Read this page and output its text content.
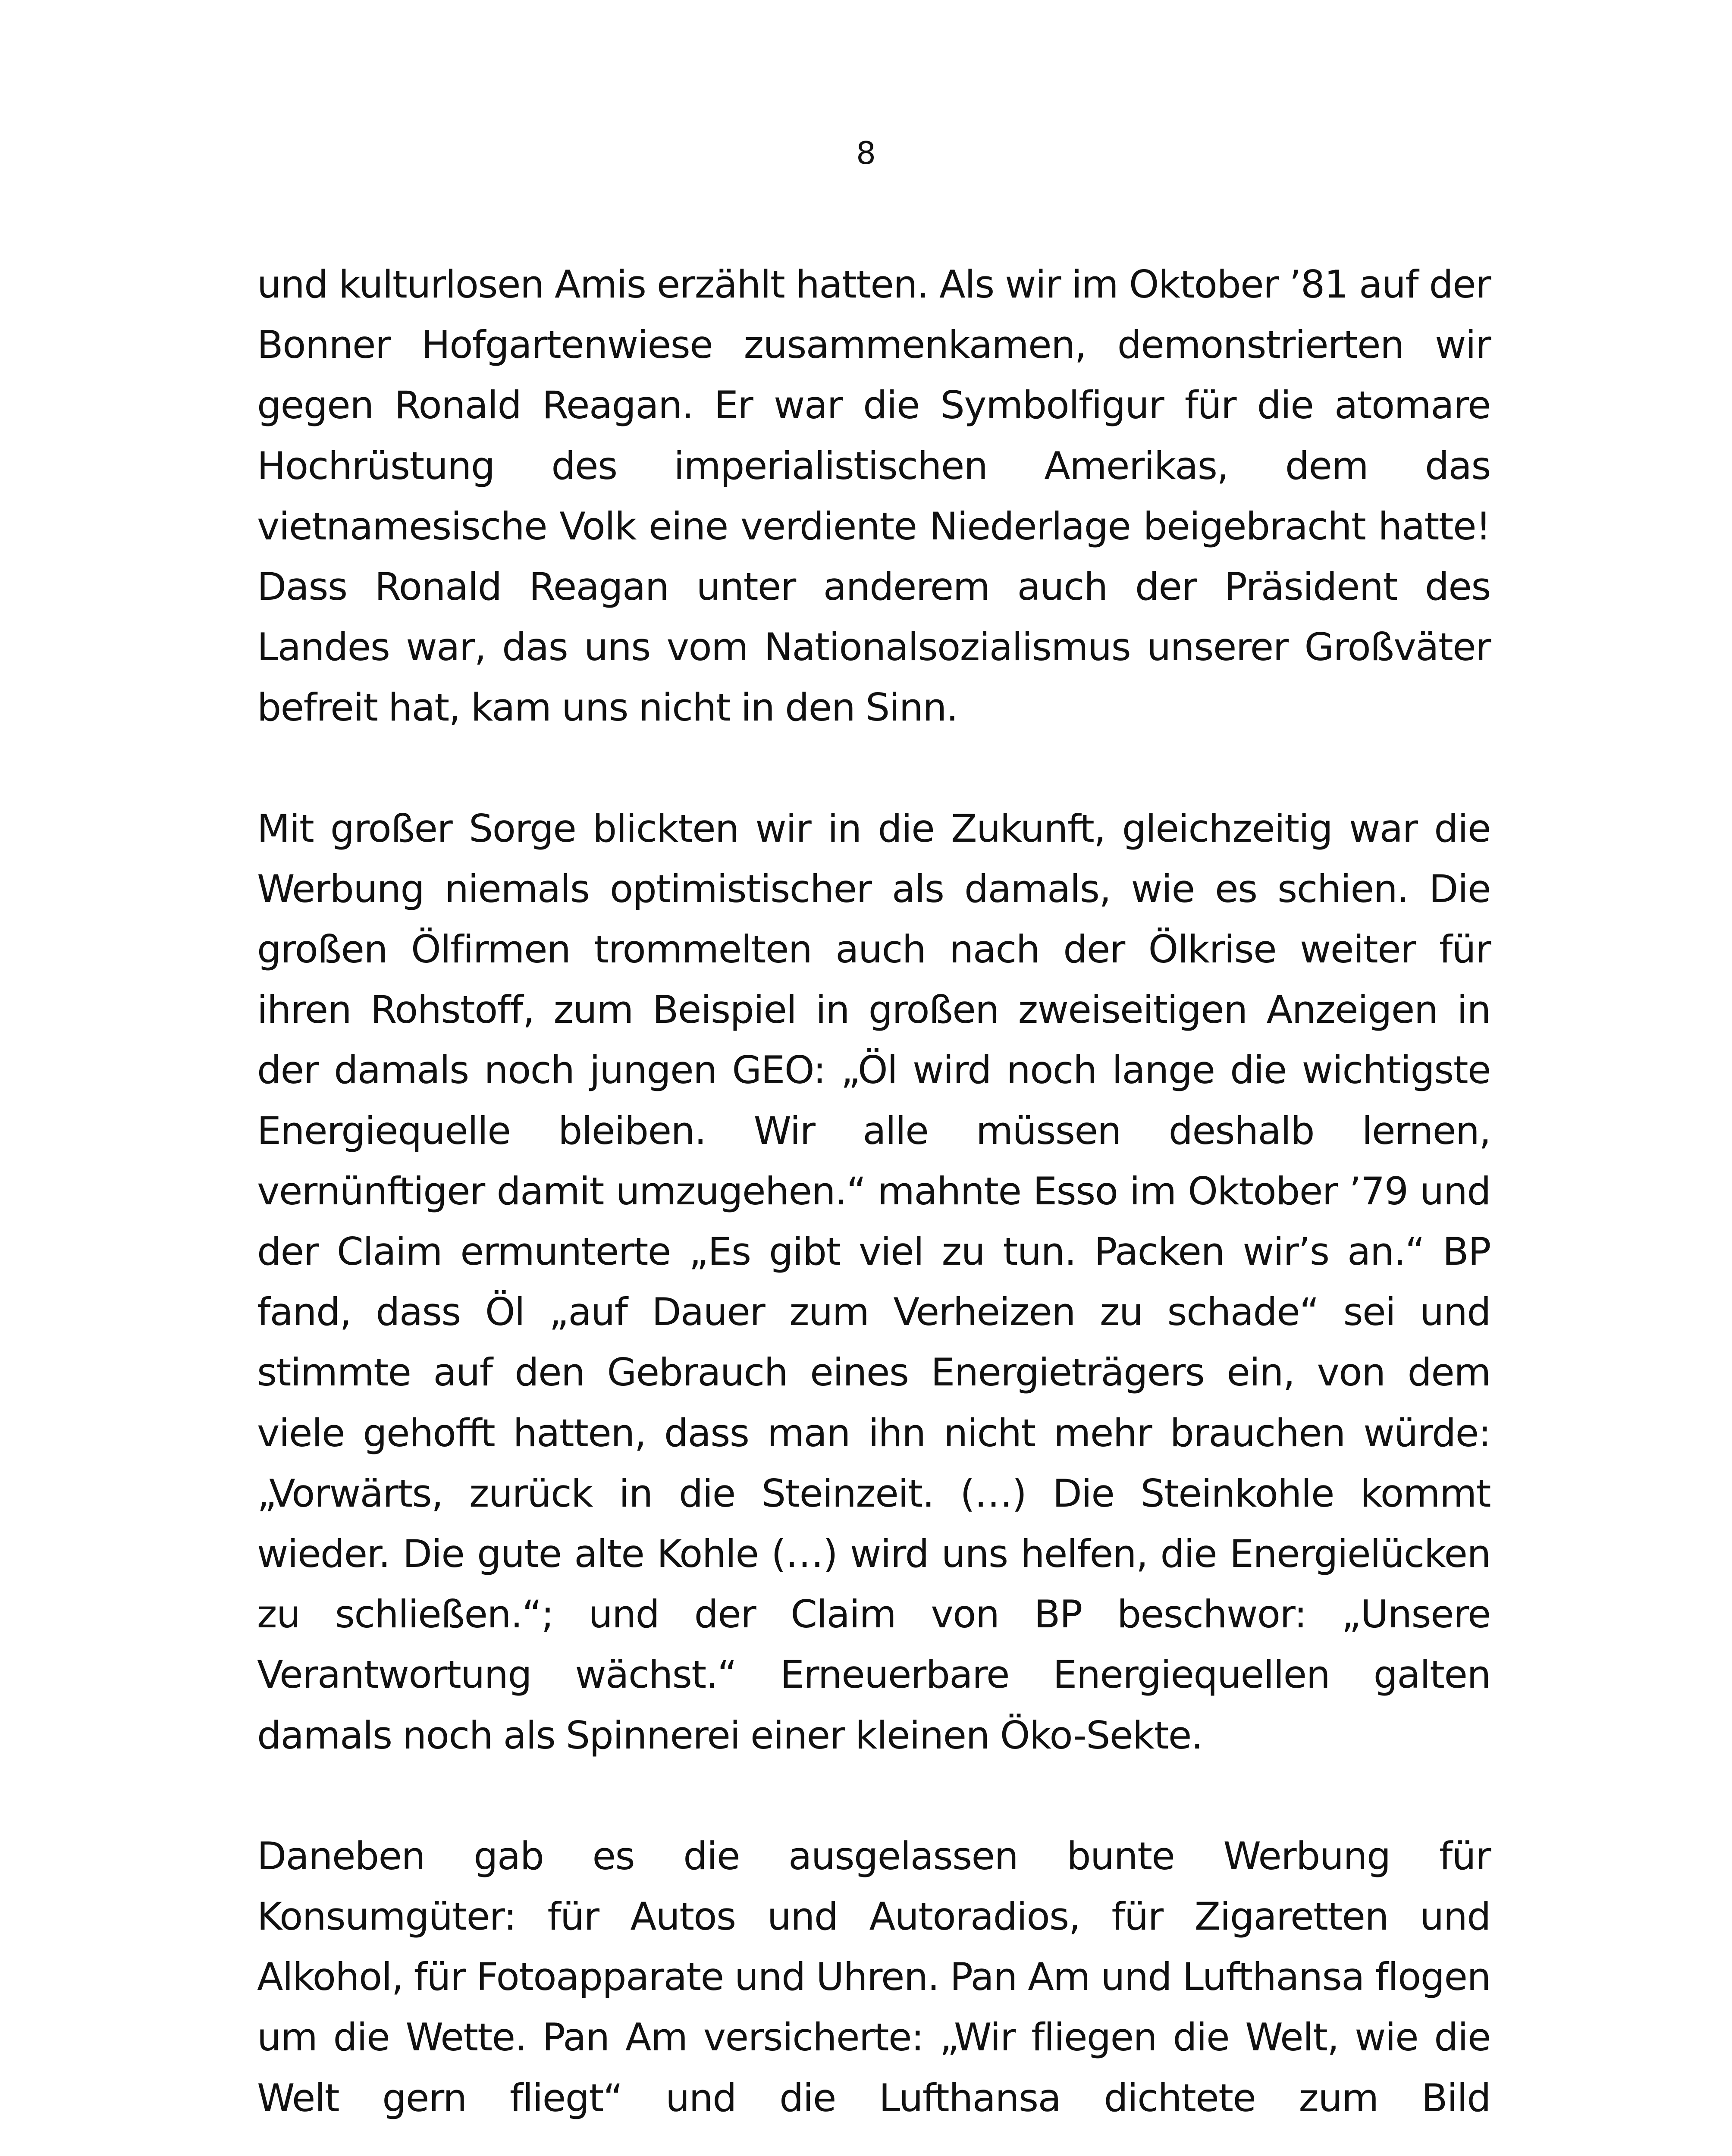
8

und kulturlosen Amis erzählt hatten. Als wir im Oktober ’81 auf der Bonner Hofgartenwiese zusammenkamen, demonstrierten wir gegen Ronald Reagan. Er war die Symbolfigur für die atomare Hochrüstung des imperialistischen Amerikas, dem das vietnamesische Volk eine verdiente Niederlage beigebracht hatte! Dass Ronald Reagan unter anderem auch der Präsident des Landes war, das uns vom Nationalsozialismus unserer Großväter befreit hat, kam uns nicht in den Sinn.

Mit großer Sorge blickten wir in die Zukunft, gleichzeitig war die Werbung niemals optimistischer als damals, wie es schien. Die großen Ölfirmen trommelten auch nach der Ölkrise weiter für ihren Rohstoff, zum Beispiel in großen zweiseitigen Anzeigen in der damals noch jungen GEO: „Öl wird noch lange die wichtigste Energiequelle bleiben. Wir alle müssen deshalb lernen, vernünftiger damit umzugehen.“ mahnte Esso im Oktober ’79 und der Claim ermunterte „Es gibt viel zu tun. Packen wir’s an.“ BP fand, dass Öl „auf Dauer zum Verheizen zu schade“ sei und stimmte auf den Gebrauch eines Energieträgers ein, von dem viele gehofft hatten, dass man ihn nicht mehr brauchen würde: „Vorwärts, zurück in die Steinzeit. (…) Die Steinkohle kommt wieder. Die gute alte Kohle (…) wird uns helfen, die Energielücken zu schließen.“; und der Claim von BP beschwor: „Unsere Verantwortung wächst.“ Erneuerbare Energiequellen galten damals noch als Spinnerei einer kleinen Öko-Sekte.

Daneben gab es die ausgelassen bunte Werbung für Konsumgüter: für Autos und Autoradios, für Zigaretten und Alkohol, für Fotoapparate und Uhren. Pan Am und Lufthansa flogen um die Wette. Pan Am versicherte: „Wir fliegen die Welt, wie die Welt gern fliegt“ und die Lufthansa dichtete zum Bild
